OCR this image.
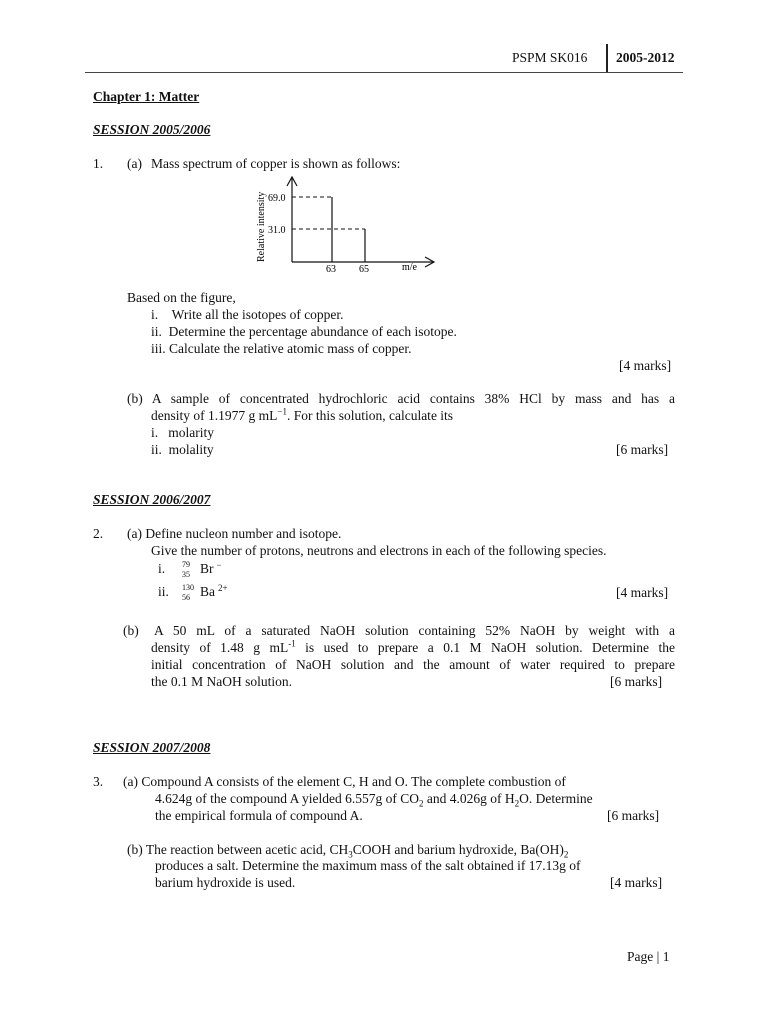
PSPM SK016 2005-2012
Chapter 1: Matter
SESSION 2005/2006
1. (a) Mass spectrum of copper is shown as follows:
69.0
31.0
63 65	m/e
Relative intensity
Based on the figure,
i.    Write all the isotopes of copper.
ii.  Determine the percentage abundance of each isotope.
iii. Calculate the relative atomic mass of copper.
[4 marks]
(b) A sample of concentrated hydrochloric acid contains 38% HCl by mass and has a
density of 1.1977 g $mL^{-1}$. For this solution, calculate its
i.   molarity
ii.  molality	[6 marks]
SESSION 2006/2007
2. (a) Define nucleon number and isotope.
Give the number of protons, neutrons and electrons in each of the following species.
i. 79
35 Br −
ii. 130
56 Ba $^{2+}$	[4 marks]
(b) A 50 mL of a saturated NaOH solution containing 52% NaOH by weight with a
density of 1.48 g $mL^{-1}$ is used to prepare a 0.1 M NaOH solution. Determine the
initial concentration of NaOH solution and the amount of water required to prepare
the 0.1 M NaOH solution.	[6 marks]
SESSION 2007/2008
3. (a) Compound A consists of the element C, H and O. The complete combustion of
4.624g of the compound A yielded 6.557g of $CO_2$ and 4.026g of $H_2O$. Determine
the empirical formula of compound A.	[6 marks]
(b) The reaction between acetic acid, $CH_3COOH$ and barium hydroxide, $Ba(OH)_2$
produces a salt. Determine the maximum mass of the salt obtained if 17.13g of
barium hydroxide is used.	[4 marks]
Page | 1
